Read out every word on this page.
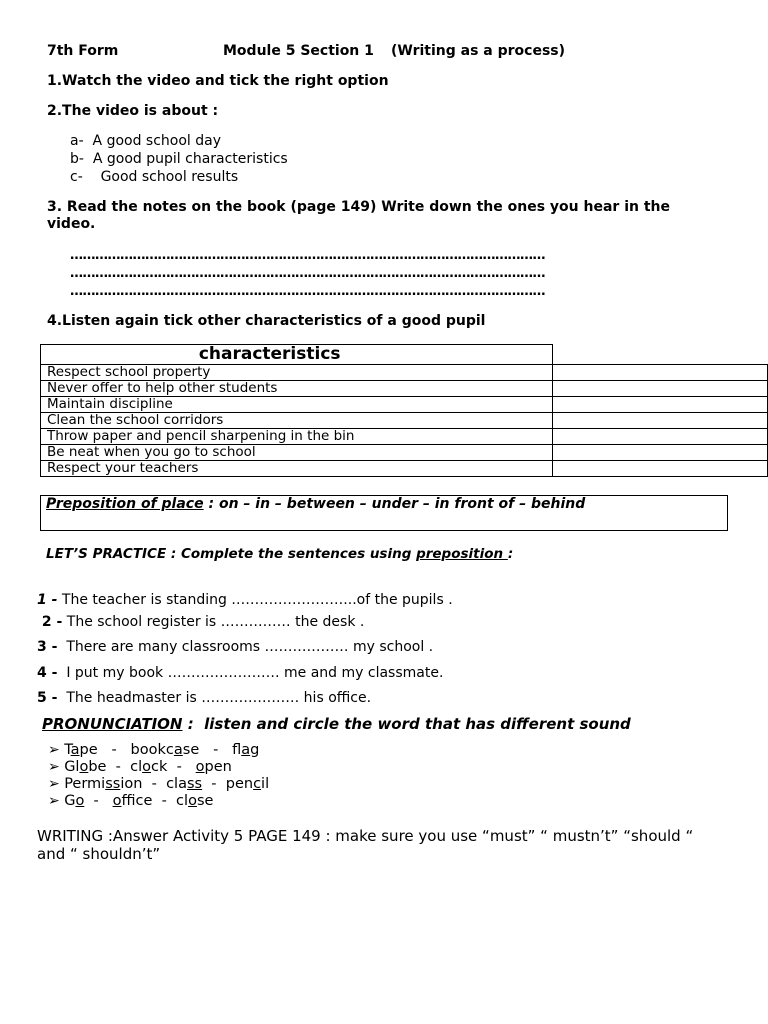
7th Form	Module 5 Section 1 (Writing as a process)
1.Watch the video and tick the right option
2.The video is about :
a- A good school day
b- A good pupil characteristics
c- Good school results
3. Read the notes on the book (page 149) Write down the ones you hear in the
video.
……………………………………………………………………………………………………
……………………………………………………………………………………………………
……………………………………………………………………………………………………
4.Listen again tick other characteristics of a good pupil
characteristics	
Respect school property	
Never offer to help other students	
Maintain discipline	
Clean the school corridors	
Throw paper and pencil sharpening in the bin	
Be neat when you go to school	
Respect your teachers	
Preposition of place : on – in – between – under – in front of – behind
LET’S PRACTICE : Complete the sentences using preposition :
1 - The teacher is standing ……………………...of the pupils .
2 - The school register is …………… the desk .
3 -  There are many classrooms ……………… my school .
4 -  I put my book …………………… me and my classmate.
5 -  The headmaster is ………………… his office.
PRONUNCIATION :  listen and circle the word that has different sound
➢ Tape   -   bookcase   -   flag
➢ Globe  -  clock  -   open
➢ Permission  -  class  -  pencil
➢ Go  -   office  -  close
WRITING :Answer Activity 5 PAGE 149 : make sure you use “must” “ mustn’t” “should “
and “ shouldn’t”
